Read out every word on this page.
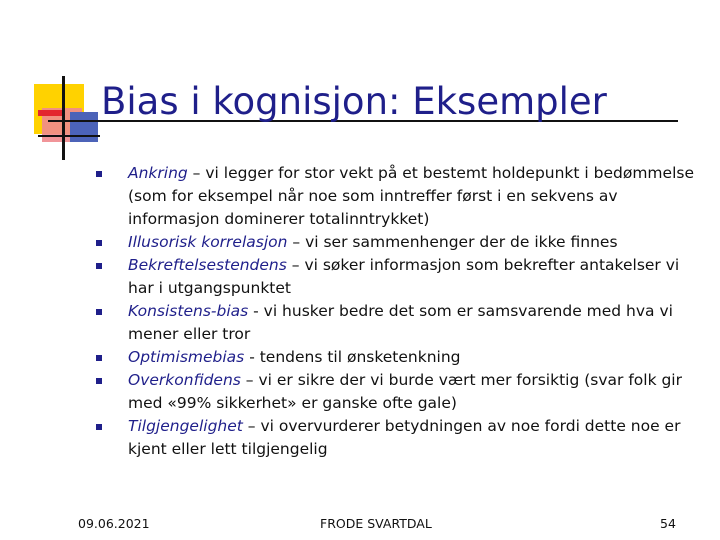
Bias i kognisjon: Eksempler
Ankring – vi legger for stor vekt på et bestemt holdepunkt i bedømmelse (som for eksempel når noe som inntreffer først i en sekvens av informasjon dominerer totalinntrykket)
Illusorisk korrelasjon – vi ser sammenhenger der de ikke finnes
Bekreftelsestendens – vi søker informasjon som bekrefter antakelser vi har i utgangspunktet
Konsistens-bias - vi husker bedre det som er samsvarende med hva vi mener eller tror
Optimismebias - tendens til ønsketenkning
Overkonfidens – vi er sikre der vi burde vært mer forsiktig (svar folk gir med «99% sikkerhet» er ganske ofte gale)
Tilgjengelighet – vi overvurderer betydningen av noe fordi dette noe er kjent eller lett tilgjengelig
09.06.2021	FRODE SVARTDAL	54
